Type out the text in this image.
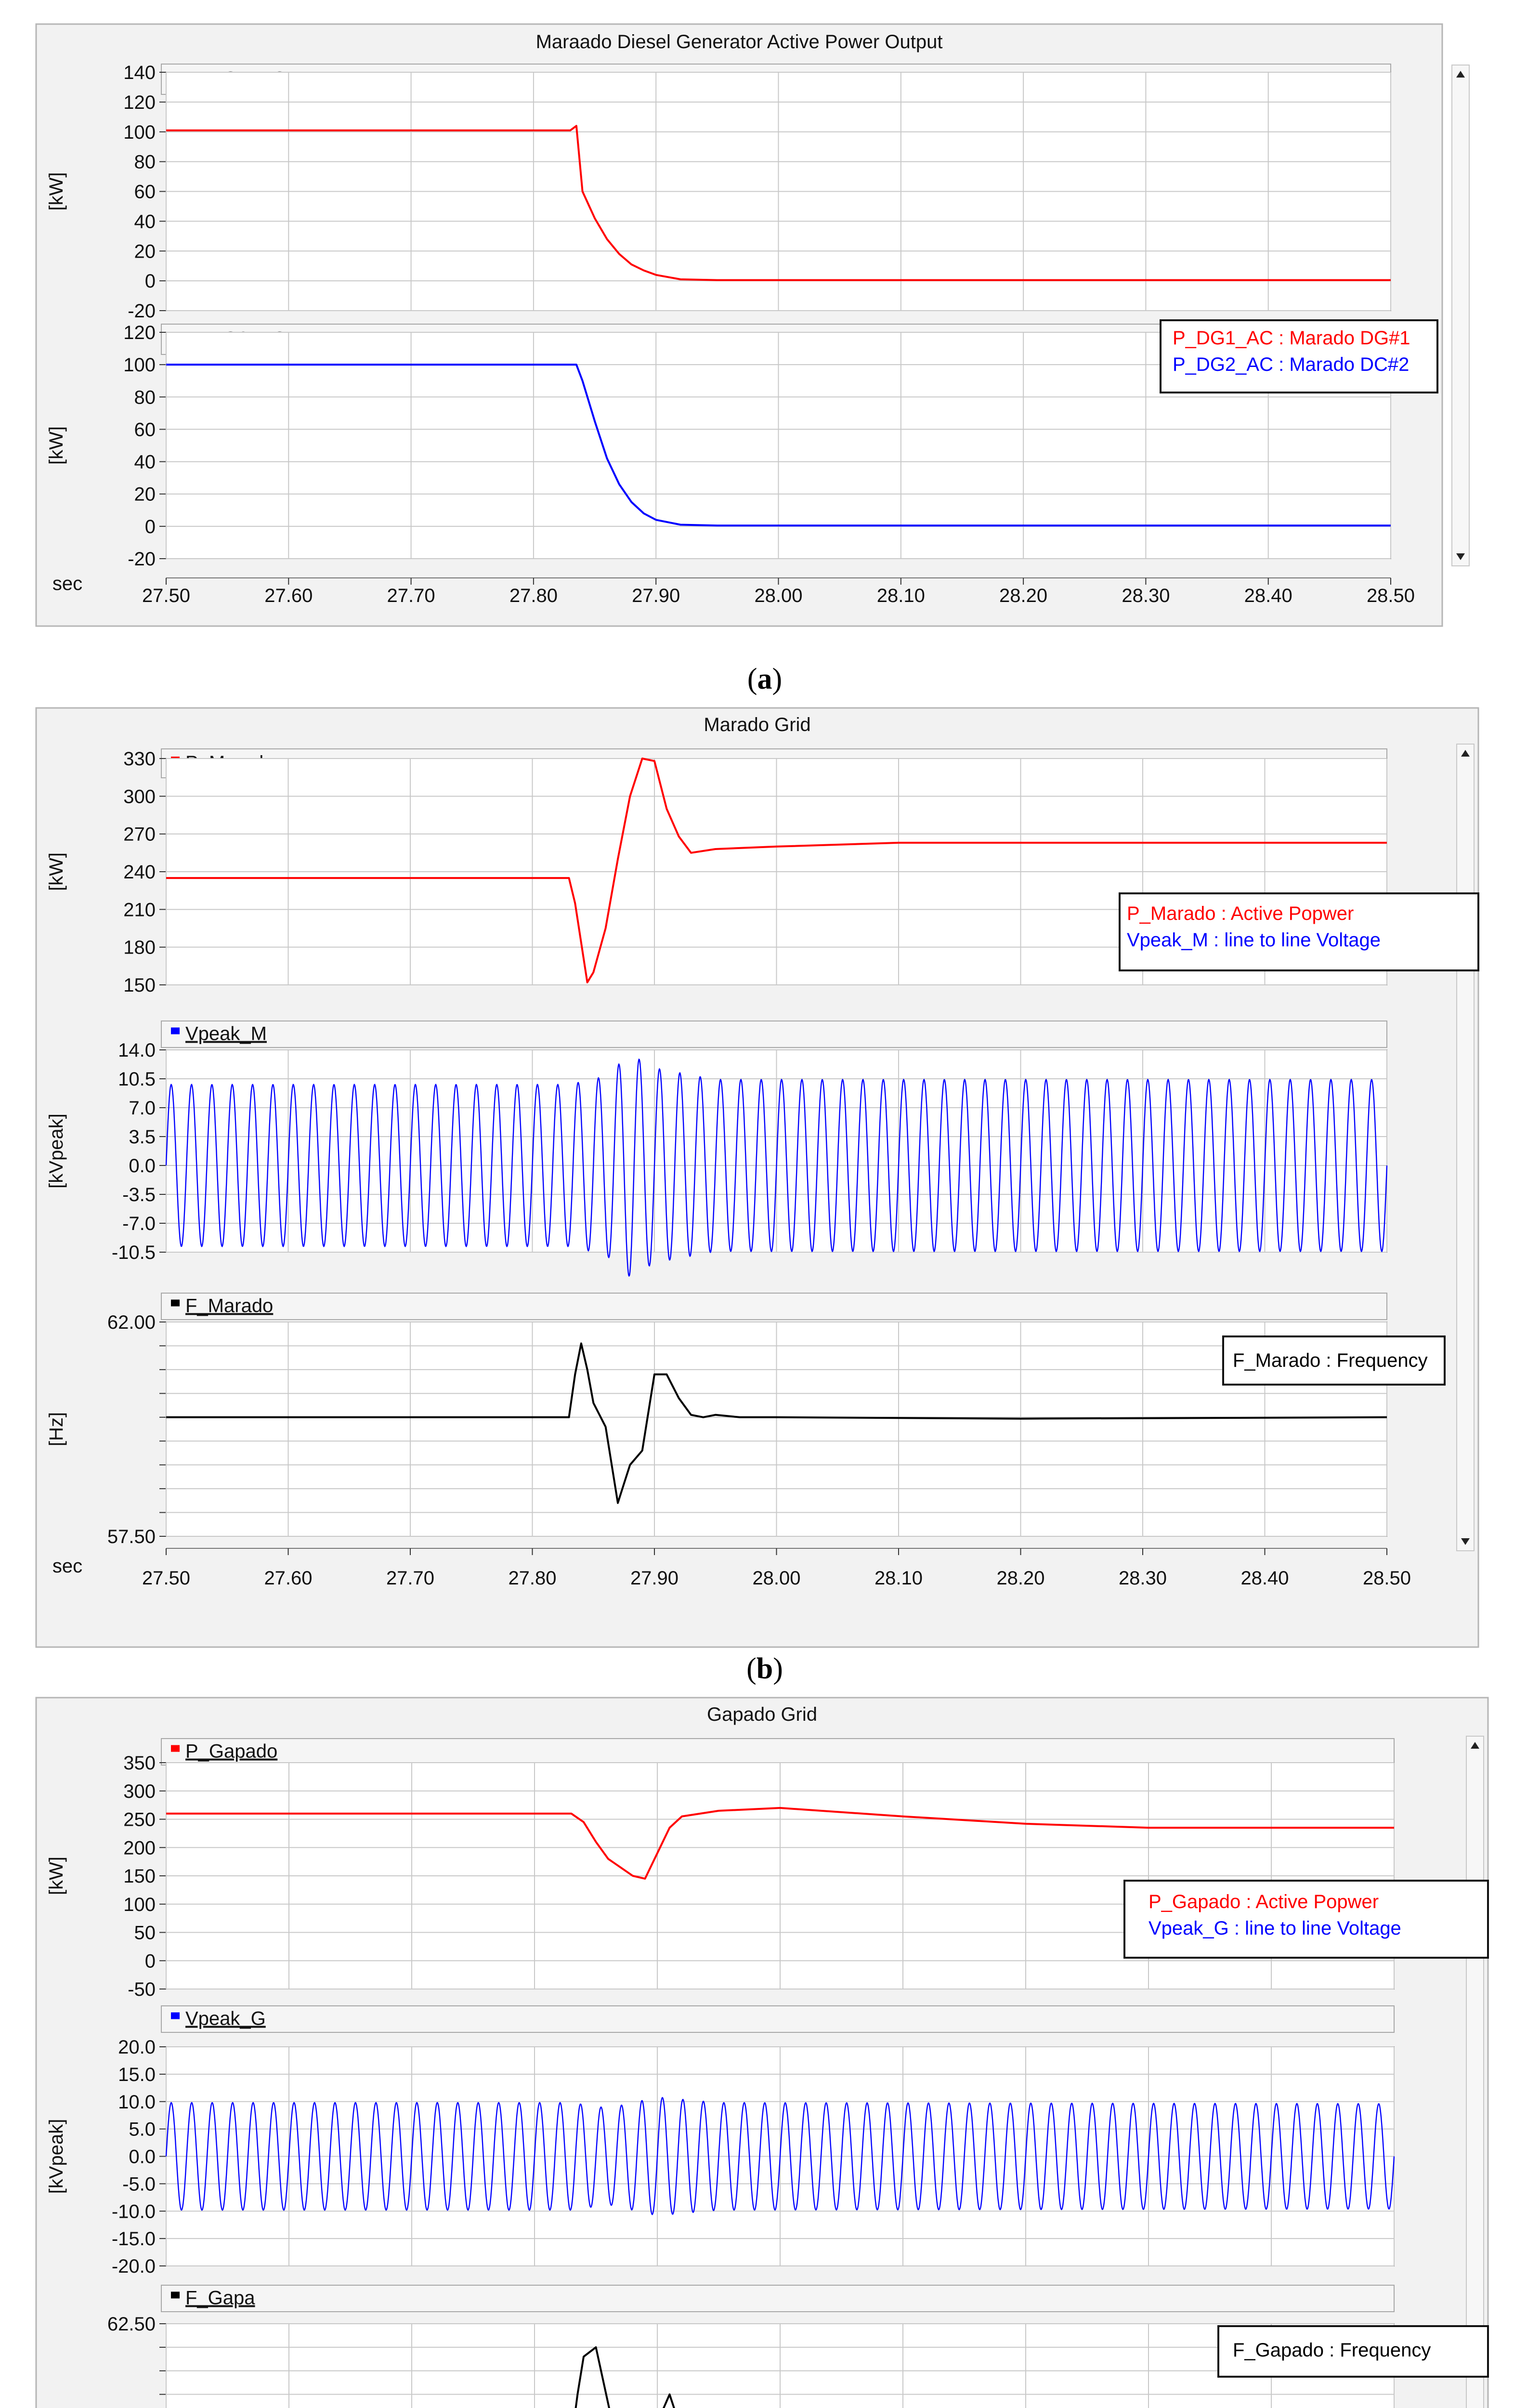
Maraado Diesel Generator Active Power Output
-20
0
20
40
60
80
100
120
140
[kW]
-20
0
20
40
60
80
100
120
[kW]
27.50	27.60	27.70	27.80	27.90	28.00	28.10	28.20	28.30	28.40	28.50
sec
(a)
Marado Grid
150
180
210
240
270
300
330
[kW]
Vpeak_M
-10.5
-7.0
-3.5
0.0
3.5
7.0
10.5
14.0
[kVpeak]
F_Marado
57.50
62.00
[Hz]
27.50	27.60	27.70	27.80	27.90	28.00	28.10	28.20	28.30	28.40	28.50
sec
(b)
Gapado Grid
P_Gapado
-50
0
50
100
150
200
250
300
350
[kW]
Vpeak_G
-20.0
-15.0
-10.0
-5.0
0.0
5.0
10.0
15.0
20.0
[kVpeak]
F_Gapa
62.50
P_DG1_AC : Marado DG#1
P_DG2_AC : Marado DC#2
P_Marado : Active Popwer
Vpeak_M : line to line Voltage
F_Marado : Frequency
P_Gapado : Active Popwer
Vpeak_G : line to line Voltage
F_Gapado : Frequency
